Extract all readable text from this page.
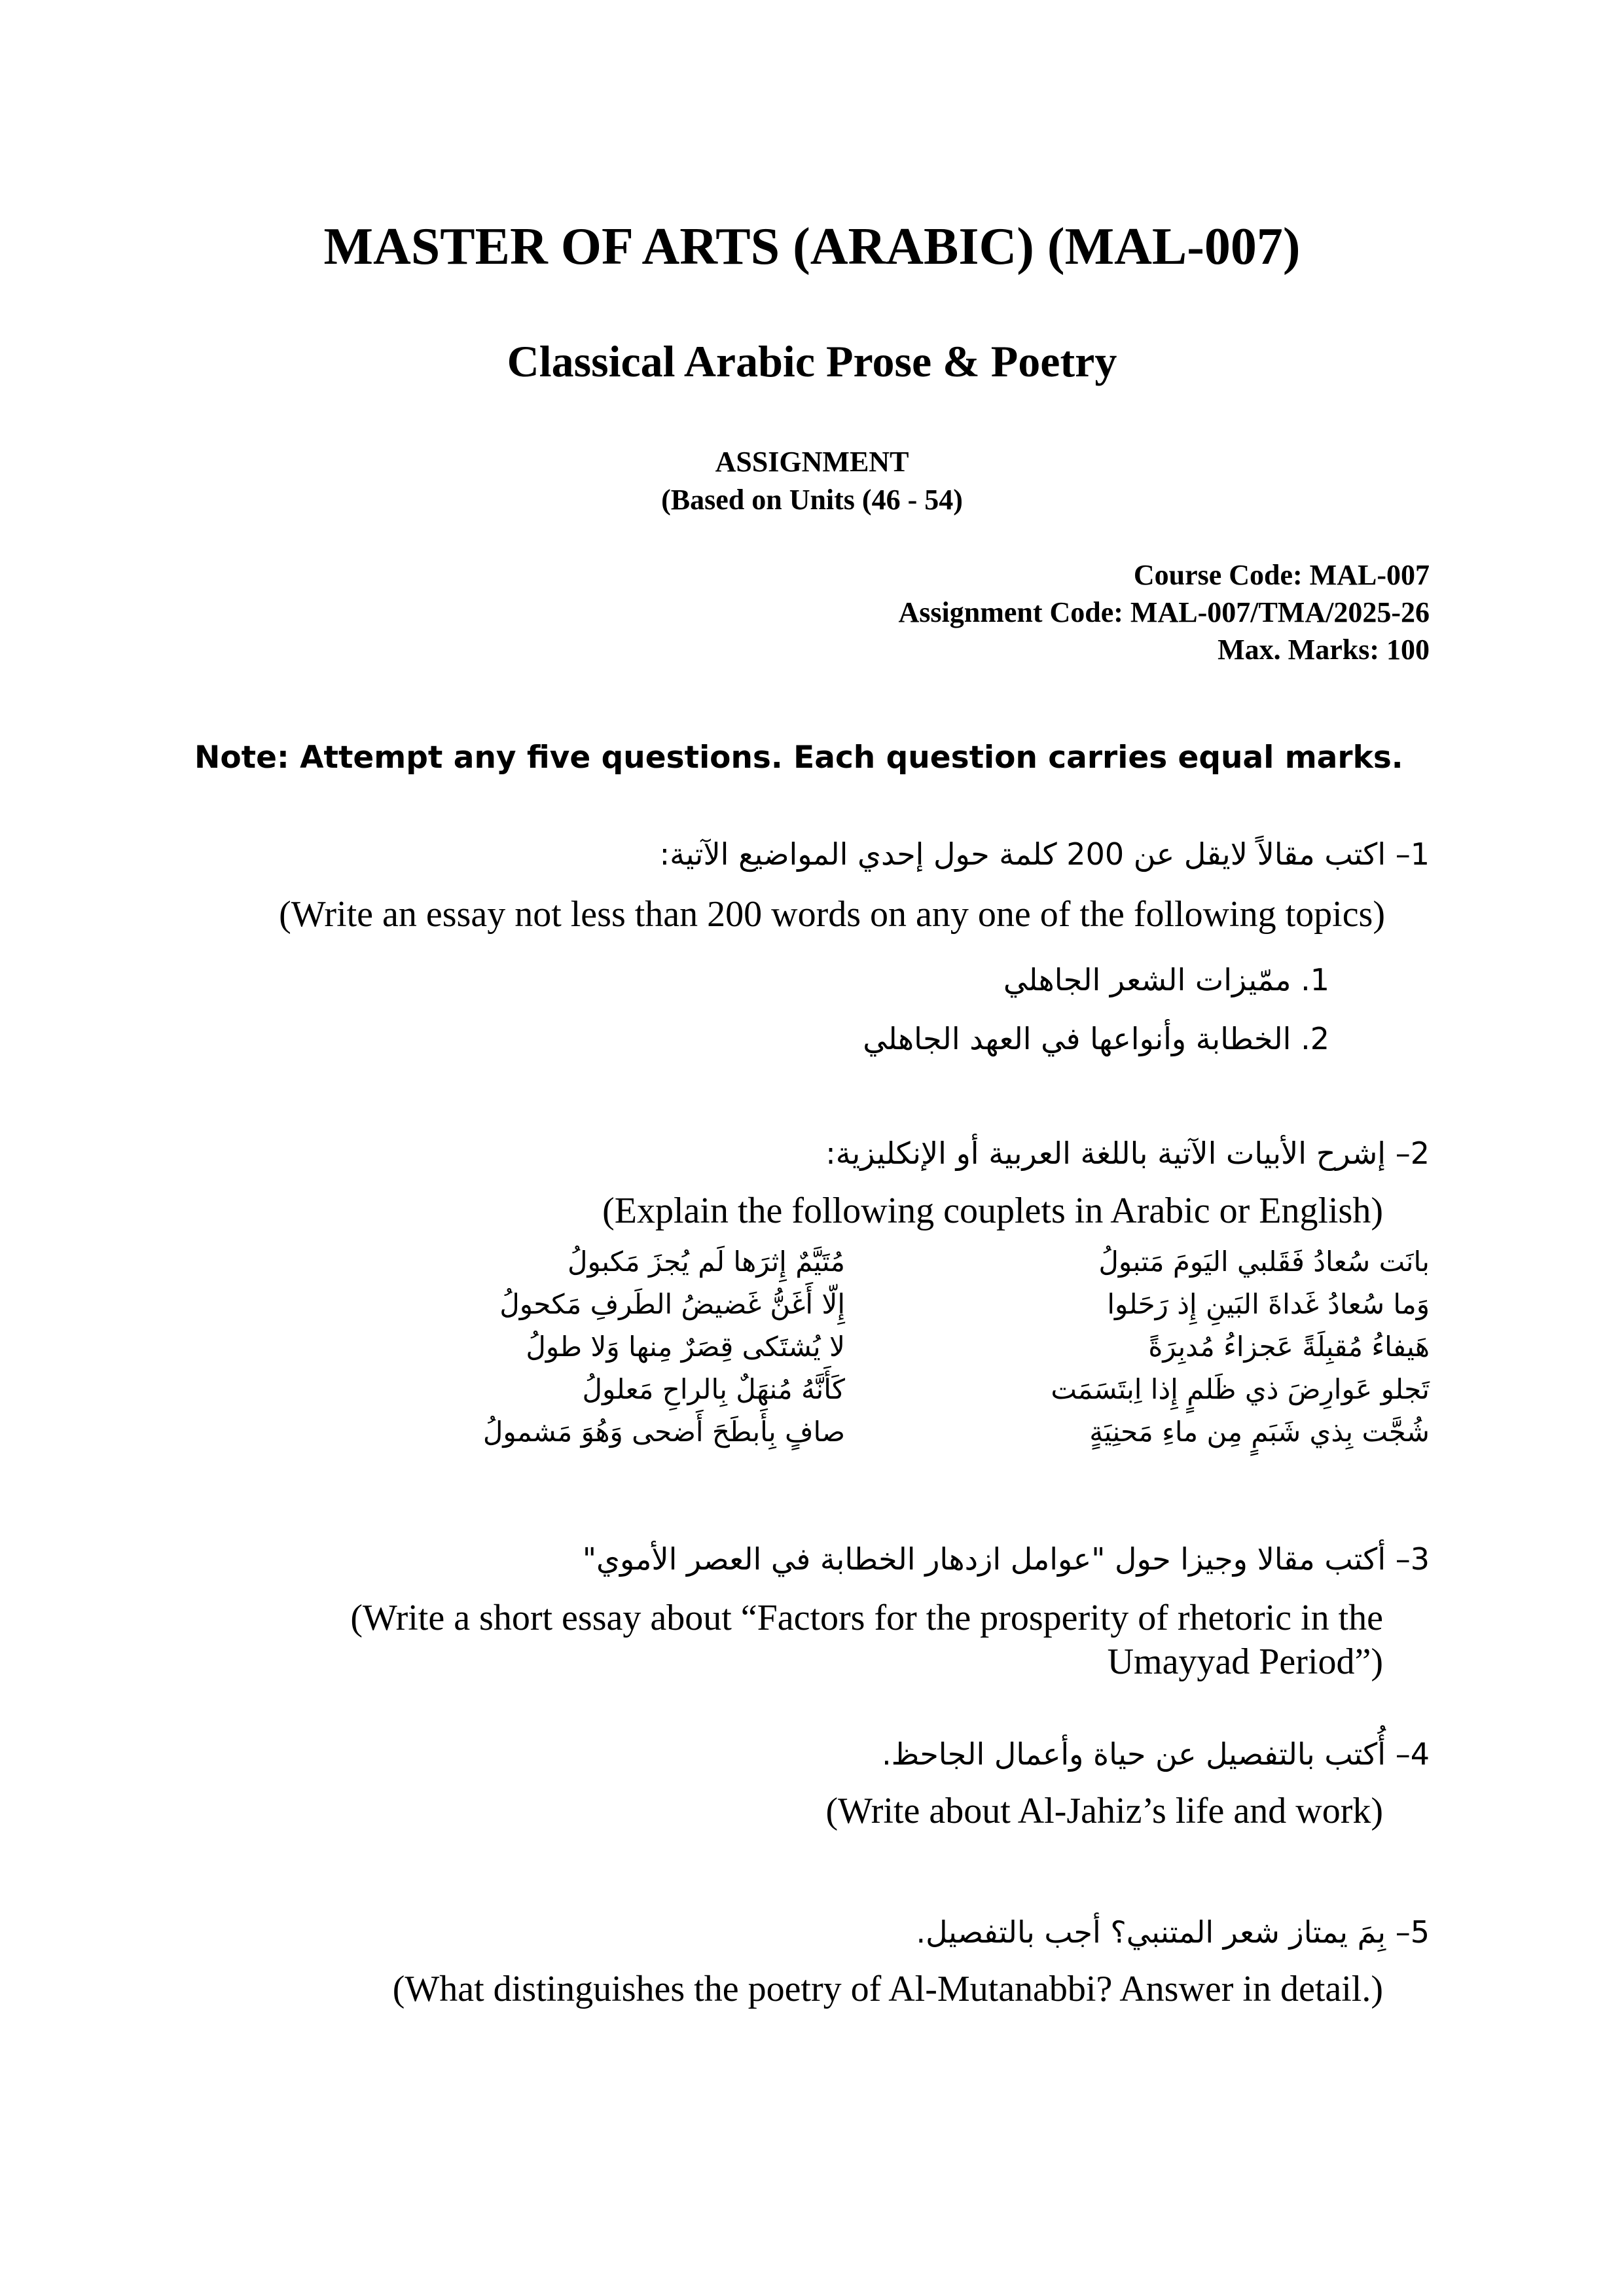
MASTER OF ARTS (ARABIC) (MAL-007)
Classical Arabic Prose & Poetry
ASSIGNMENT
(Based on Units (46 - 54)
Course Code: MAL-007
Assignment Code: MAL-007/TMA/2025-26
Max. Marks: 100
Note: Attempt any five questions. Each question carries equal marks.
1– اكتب مقالاً لايقل عن 200 كلمة حول إحدي المواضيع الآتية:
(Write an essay not less than 200 words on any one of the following topics)
1. ممّيزات الشعر الجاهلي
2. الخطابة وأنواعها في العهد الجاهلي
2– إشرح الأبيات الآتية باللغة العربية أو الإنكليزية:
(Explain the following couplets in Arabic or English)
بانَت سُعادُ فَقَلبي اليَومَ مَتبولُ
مُتَيَّمٌ إِثرَها لَم يُجزَ مَكبولُ
وَما سُعادُ غَداةَ البَينِ إِذ رَحَلوا
إِلّا أَغَنُّ غَضيضُ الطَرفِ مَكحولُ
هَيفاءُ مُقبِلَةً عَجزاءُ مُدبِرَةً
لا يُشتَكى قِصَرٌ مِنها وَلا طولُ
تَجلو عَوارِضَ ذي ظَلمٍ إِذا اِبتَسَمَت
كَأَنَّهُ مُنهَلٌ بِالراحِ مَعلولُ
شُجَّت بِذي شَبَمٍ مِن ماءِ مَحنِيَةٍ
صافٍ بِأَبطَحَ أَضحى وَهُوَ مَشمولُ
3– أكتب مقالا وجيزا حول "عوامل ازدهار الخطابة في العصر الأموي"
(Write a short essay about “Factors for the prosperity of rhetoric in the
Umayyad Period”)
4– أُكتب بالتفصيل عن حياة وأعمال الجاحظ.
(Write about Al-Jahiz’s life and work)
5– بِمَ يمتاز شعر المتنبي؟ أجب بالتفصيل.
(What distinguishes the poetry of Al-Mutanabbi? Answer in detail.)
